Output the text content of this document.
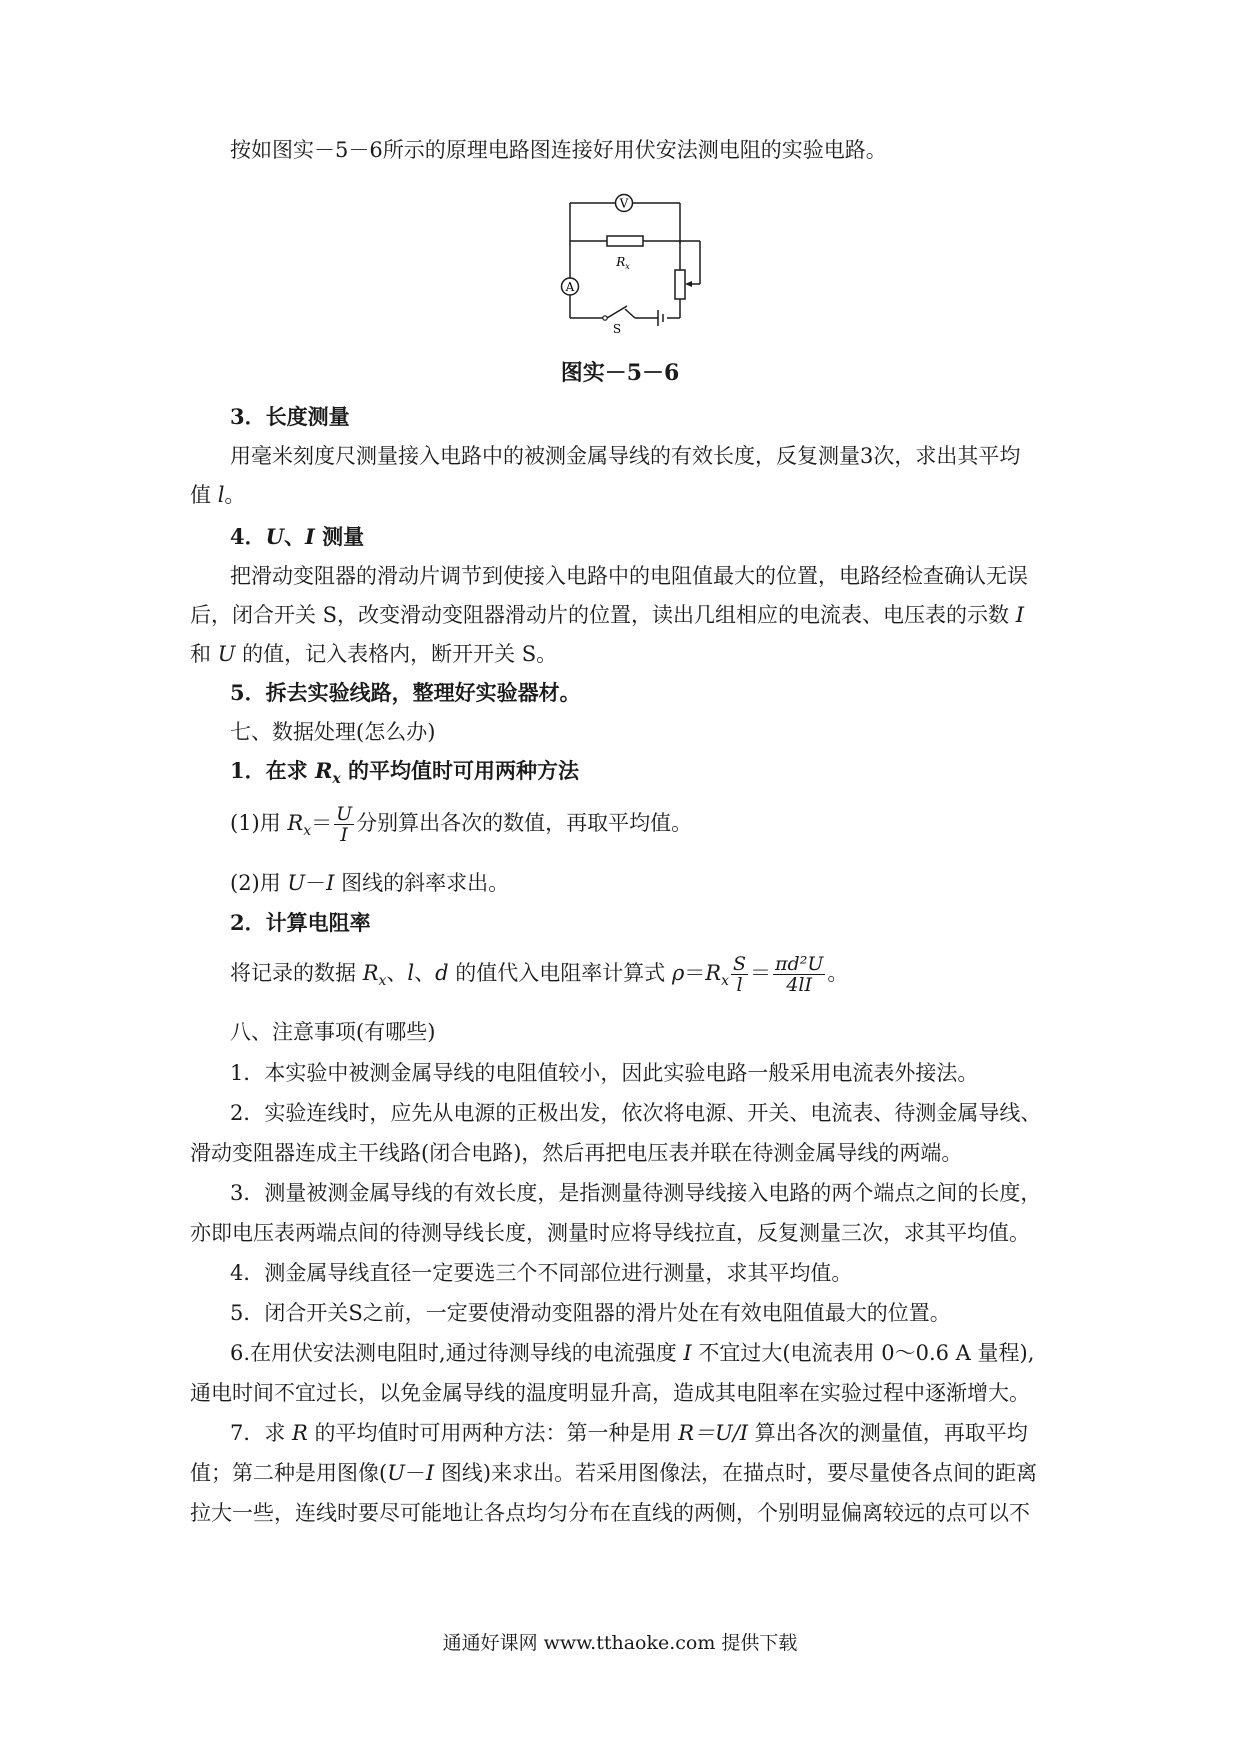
按如图实－5－6所示的原理电路图连接好用伏安法测电阻的实验电路。
V
A
$R_x$
S
图实－5－6
3．长度测量
用毫米刻度尺测量接入电路中的被测金属导线的有效长度，反复测量3次，求出其平均
值 l。
4．U、I 测量
把滑动变阻器的滑动片调节到使接入电路中的电阻值最大的位置，电路经检查确认无误
后，闭合开关 S，改变滑动变阻器滑动片的位置，读出几组相应的电流表、电压表的示数 I
和 U 的值，记入表格内，断开开关 S。
5．拆去实验线路，整理好实验器材。
七、数据处理(怎么办)
1．在求 $R_x$ 的平均值时可用两种方法
(1)用 $R_x= \frac{U}{I}$ 分别算出各次的数值，再取平均值。
(2)用 U－I 图线的斜率求出。
2．计算电阻率
将记录的数据 $R_x$、l、d 的值代入电阻率计算式 $\rho=R_x \frac{S}{l} = \frac{\text{πd²U}}{4lI}$ 。
八、注意事项(有哪些)
1．本实验中被测金属导线的电阻值较小，因此实验电路一般采用电流表外接法。
2．实验连线时，应先从电源的正极出发，依次将电源、开关、电流表、待测金属导线、
滑动变阻器连成主干线路(闭合电路)，然后再把电压表并联在待测金属导线的两端。
3．测量被测金属导线的有效长度，是指测量待测导线接入电路的两个端点之间的长度，
亦即电压表两端点间的待测导线长度，测量时应将导线拉直，反复测量三次，求其平均值。
4．测金属导线直径一定要选三个不同部位进行测量，求其平均值。
5．闭合开关S之前，一定要使滑动变阻器的滑片处在有效电阻值最大的位置。
6.在用伏安法测电阻时,通过待测导线的电流强度 I 不宜过大(电流表用 0～0.6 A 量程),
通电时间不宜过长，以免金属导线的温度明显升高，造成其电阻率在实验过程中逐渐增大。
7．求 R 的平均值时可用两种方法：第一种是用 R＝U/I 算出各次的测量值，再取平均
值；第二种是用图像(U－I 图线)来求出。若采用图像法，在描点时，要尽量使各点间的距离
拉大一些，连线时要尽可能地让各点均匀分布在直线的两侧，个别明显偏离较远的点可以不
通通好课网 www.tthaoke.com 提供下载
